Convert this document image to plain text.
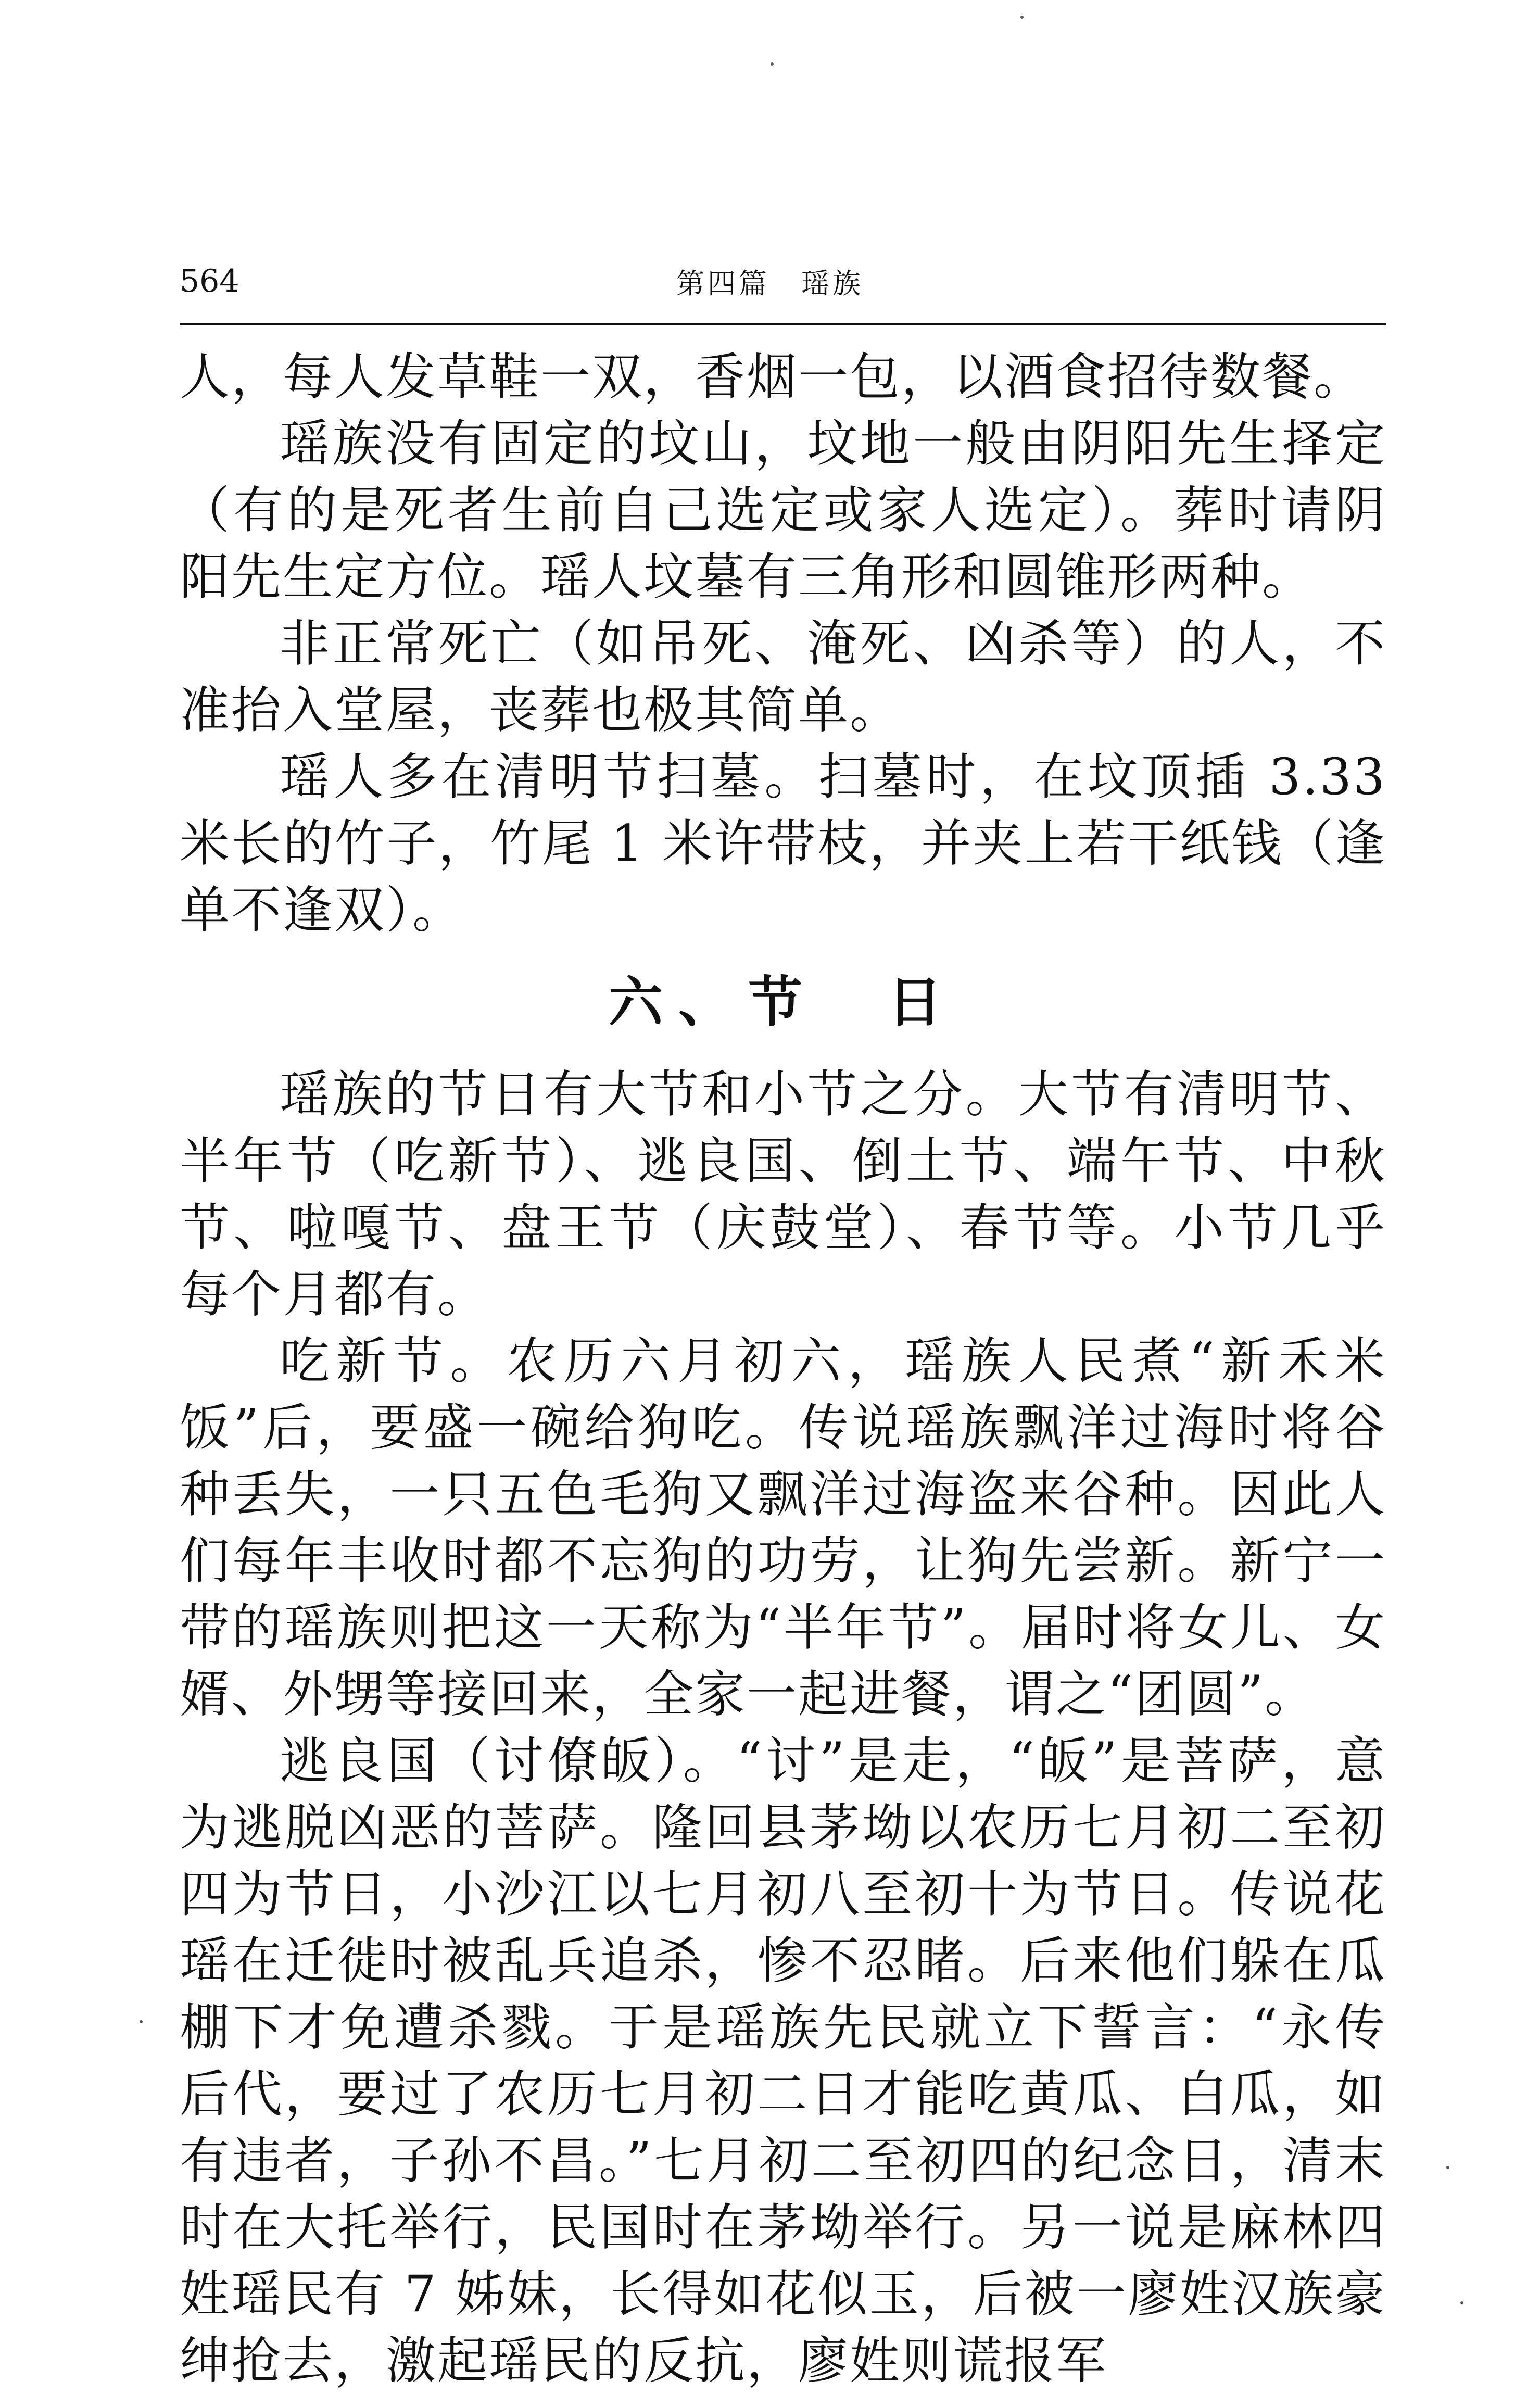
564	第四篇　瑶族

人，每人发草鞋一双，香烟一包，以酒食招待数餐。

瑶族没有固定的坟山，坟地一般由阴阳先生择定（有的是死者生前自己选定或家人选定）。葬时请阴阳先生定方位。瑶人坟墓有三角形和圆锥形两种。

非正常死亡（如吊死、淹死、凶杀等）的人，不准抬入堂屋，丧葬也极其简单。

瑶人多在清明节扫墓。扫墓时，在坟顶插 3.33 米长的竹子，竹尾 1 米许带枝，并夹上若干纸钱（逢单不逢双）。

六、节　日

瑶族的节日有大节和小节之分。大节有清明节、半年节（吃新节）、逃良国、倒土节、端午节、中秋节、啦嘎节、盘王节（庆鼓堂）、春节等。小节几乎每个月都有。

吃新节。农历六月初六，瑶族人民煮“新禾米饭”后，要盛一碗给狗吃。传说瑶族飘洋过海时将谷种丢失，一只五色毛狗又飘洋过海盗来谷种。因此人们每年丰收时都不忘狗的功劳，让狗先尝新。新宁一带的瑶族则把这一天称为“半年节”。届时将女儿、女婿、外甥等接回来，全家一起进餐，谓之“团圆”。

逃良国（讨僚皈）。“讨”是走，“皈”是菩萨，意为逃脱凶恶的菩萨。隆回县茅坳以农历七月初二至初四为节日，小沙江以七月初八至初十为节日。传说花瑶在迁徙时被乱兵追杀，惨不忍睹。后来他们躲在瓜棚下才免遭杀戮。于是瑶族先民就立下誓言：“永传后代，要过了农历七月初二日才能吃黄瓜、白瓜，如有违者，子孙不昌。”七月初二至初四的纪念日，清末时在大托举行，民国时在茅坳举行。另一说是麻林四姓瑶民有 7 姊妹，长得如花似玉，后被一廖姓汉族豪绅抢去，激起瑶民的反抗，廖姓则谎报军
